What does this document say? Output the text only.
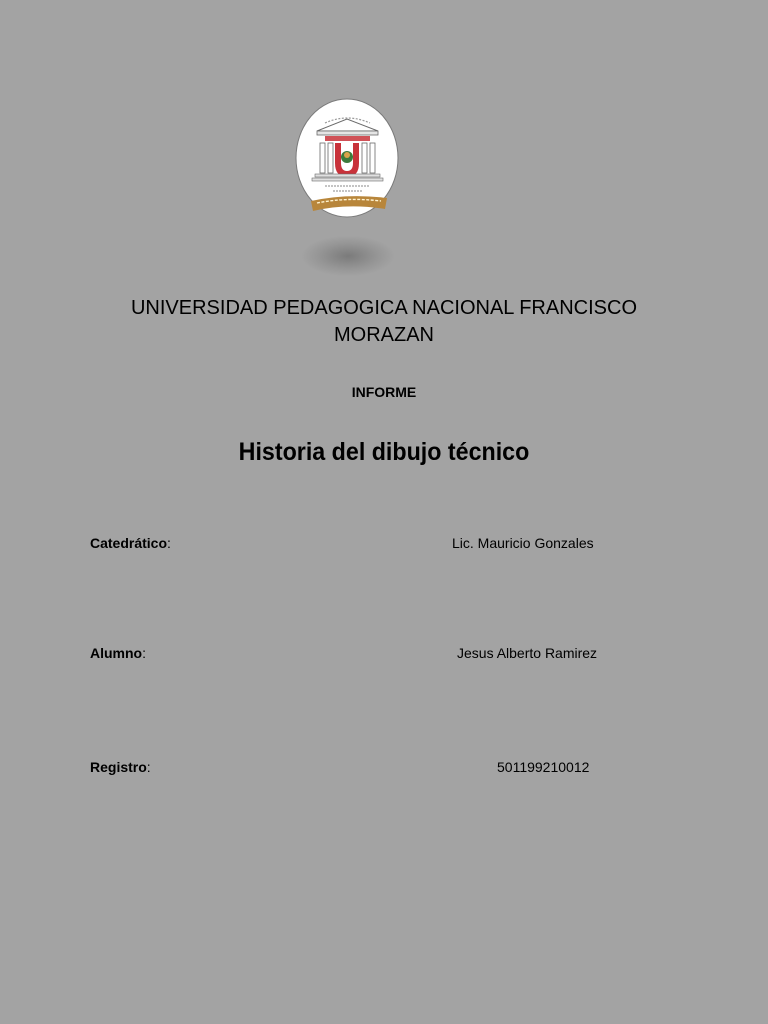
UNIVERSIDAD PEDAGOGICA NACIONAL FRANCISCO MORAZAN
INFORME
Historia del dibujo técnico
Catedrático:	Lic. Mauricio Gonzales
Alumno:	Jesus Alberto Ramirez
Registro:	501199210012
